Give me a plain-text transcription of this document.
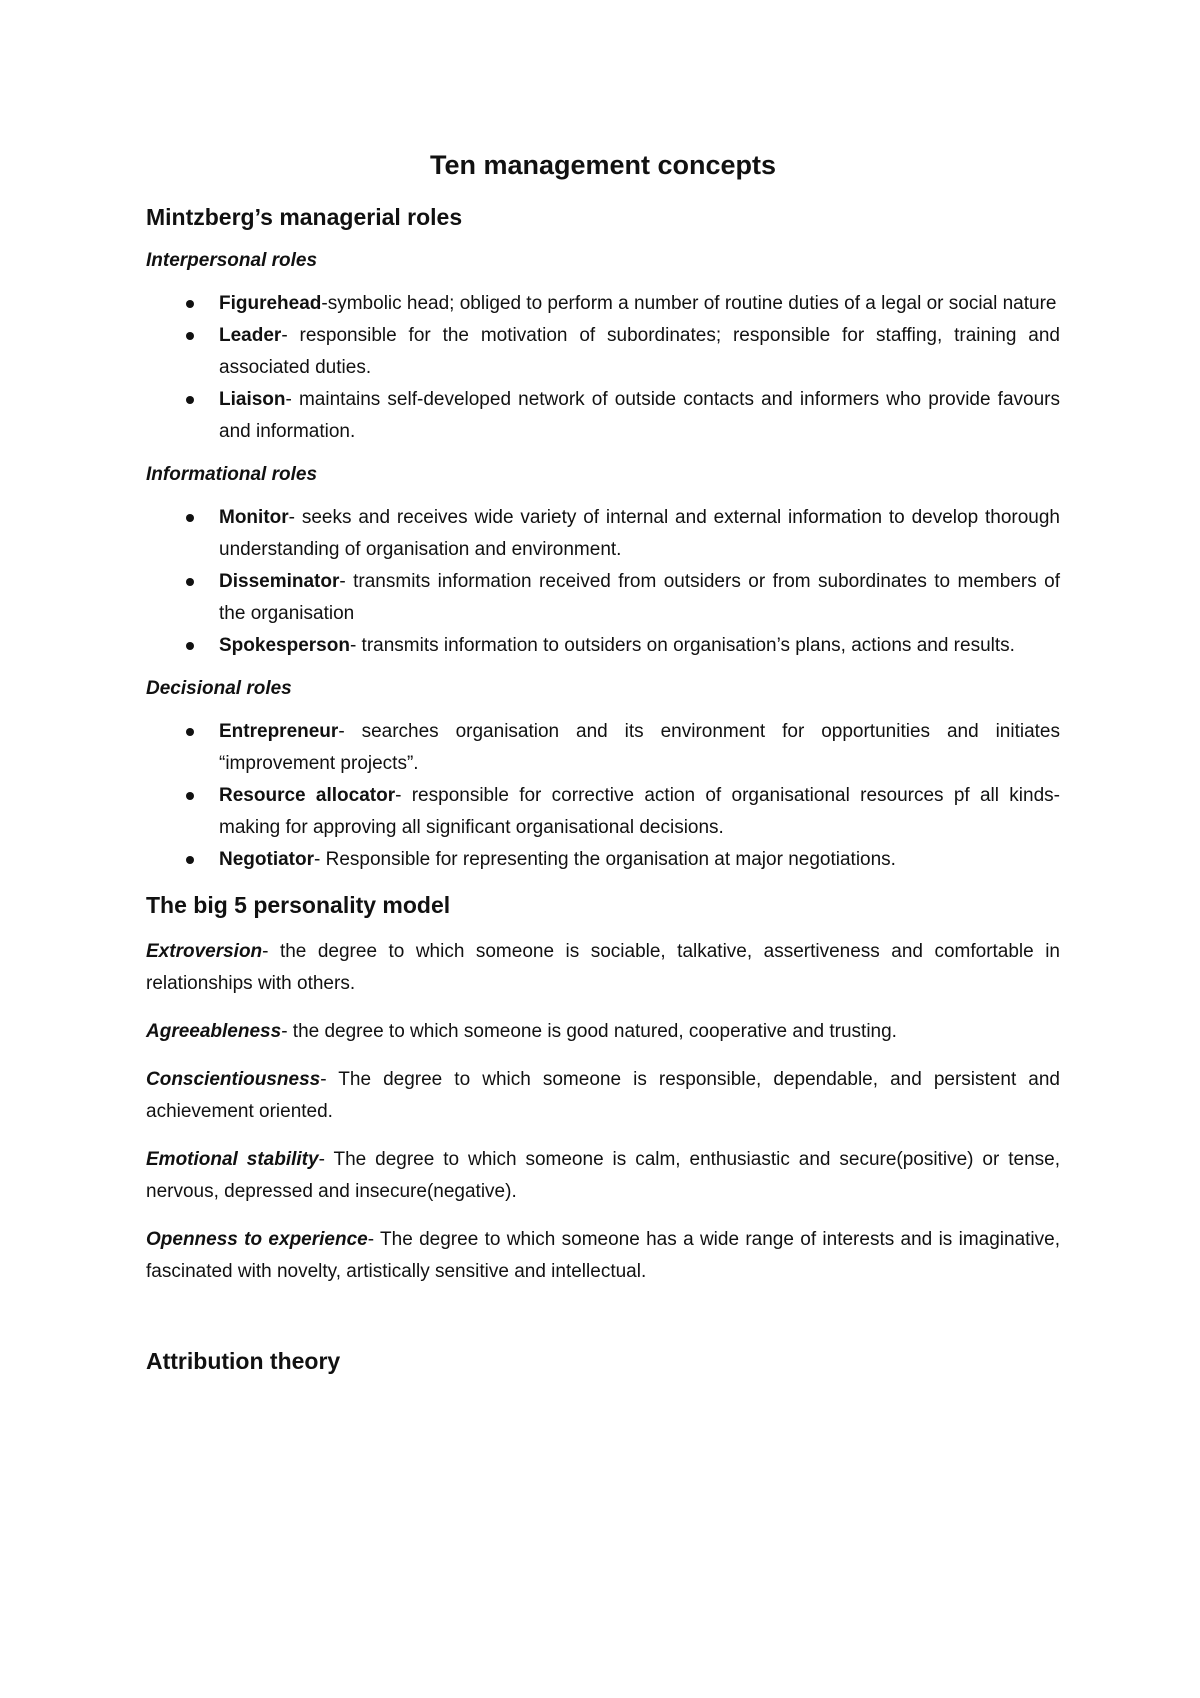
Ten management concepts
Mintzberg’s managerial roles
Interpersonal roles
Figurehead-symbolic head; obliged to perform a number of routine duties of a legal or social nature
Leader- responsible for the motivation of subordinates; responsible for staffing, training and associated duties.
Liaison- maintains self-developed network of outside contacts and informers who provide favours and information.
Informational roles
Monitor- seeks and receives wide variety of internal and external information to develop thorough understanding of organisation and environment.
Disseminator- transmits information received from outsiders or from subordinates to members of the organisation
Spokesperson- transmits information to outsiders on organisation’s plans, actions and results.
Decisional roles
Entrepreneur- searches organisation and its environment for opportunities and initiates “improvement projects”.
Resource allocator- responsible for corrective action of organisational resources pf all kinds- making for approving all significant organisational decisions.
Negotiator- Responsible for representing the organisation at major negotiations.
The big 5 personality model

Extroversion- the degree to which someone is sociable, talkative, assertiveness and comfortable in relationships with others.

Agreeableness- the degree to which someone is good natured, cooperative and trusting.

Conscientiousness- The degree to which someone is responsible, dependable, and persistent and achievement oriented.

Emotional stability- The degree to which someone is calm, enthusiastic and secure(positive) or tense, nervous, depressed and insecure(negative).

Openness to experience- The degree to which someone has a wide range of interests and is imaginative, fascinated with novelty, artistically sensitive and intellectual.

Attribution theory
